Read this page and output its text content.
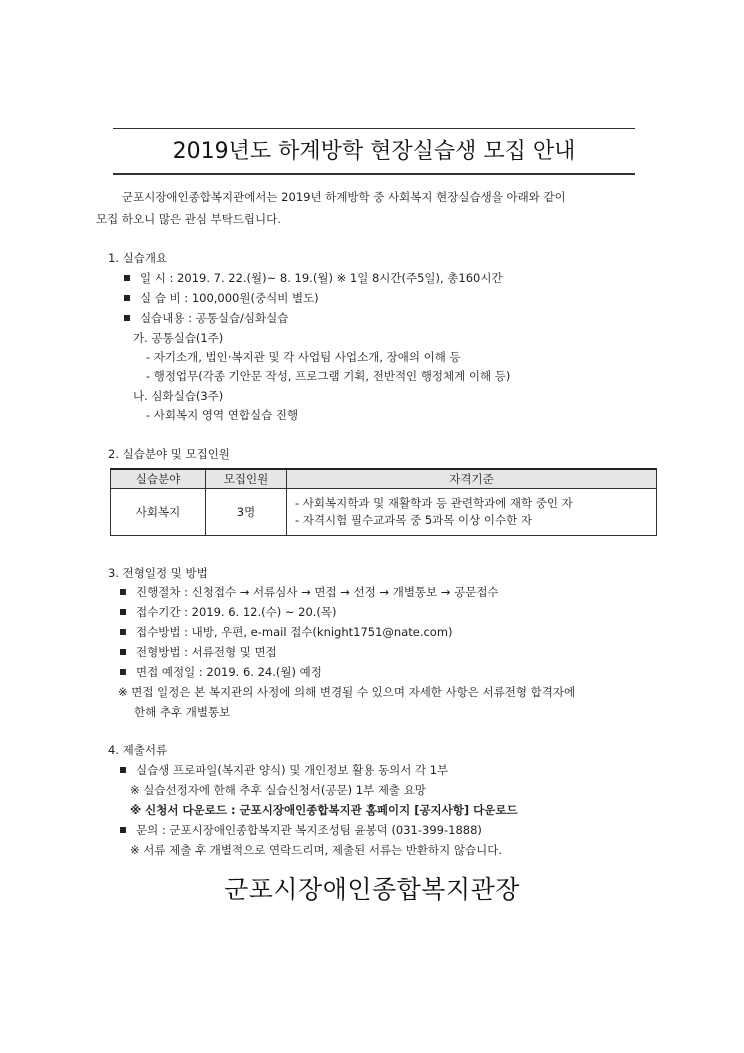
2019년도 하계방학 현장실습생 모집 안내
군포시장애인종합복지관에서는 2019년 하계방학 중 사회복지 현장실습생을 아래와 같이
모집 하오니 많은 관심 부탁드립니다.
1. 실습개요
일 시 : 2019. 7. 22.(월)~ 8. 19.(월) ※ 1일 8시간(주5일), 총160시간
실 습 비 : 100,000원(중식비 별도)
실습내용 : 공통실습/심화실습
가. 공통실습(1주)
- 자기소개, 법인·복지관 및 각 사업팀 사업소개, 장애의 이해 등
- 행정업무(각종 기안문 작성, 프로그램 기획, 전반적인 행정체계 이해 등)
나. 심화실습(3주)
- 사회복지 영역 연합실습 진행
2. 실습분야 및 모집인원
실습분야	모집인원	자격기준
사회복지	3명	- 사회복지학과 및 재활학과 등 관련학과에 재학 중인 자
- 자격시험 필수교과목 중 5과목 이상 이수한 자
3. 전형일정 및 방법
진행절차 : 신청접수 → 서류심사 → 면접 → 선정 → 개별통보 → 공문접수
접수기간 : 2019. 6. 12.(수) ~ 20.(목)
접수방법 : 내방, 우편, e-mail 접수(knight1751@nate.com)
전형방법 : 서류전형 및 면접
면접 예정일 : 2019. 6. 24.(월) 예정
※ 면접 일정은 본 복지관의 사정에 의해 변경될 수 있으며 자세한 사항은 서류전형 합격자에
한해 추후 개별통보
4. 제출서류
실습생 프로파일(복지관 양식) 및 개인정보 활용 동의서 각 1부
※ 실습선정자에 한해 추후 실습신청서(공문) 1부 제출 요망
※ 신청서 다운로드 : 군포시장애인종합복지관 홈페이지 [공지사항] 다운로드
문의 : 군포시장애인종합복지관 복지조성팀 윤봉덕 (031-399-1888)
※ 서류 제출 후 개별적으로 연락드리며, 제출된 서류는 반환하지 않습니다.
군포시장애인종합복지관장
